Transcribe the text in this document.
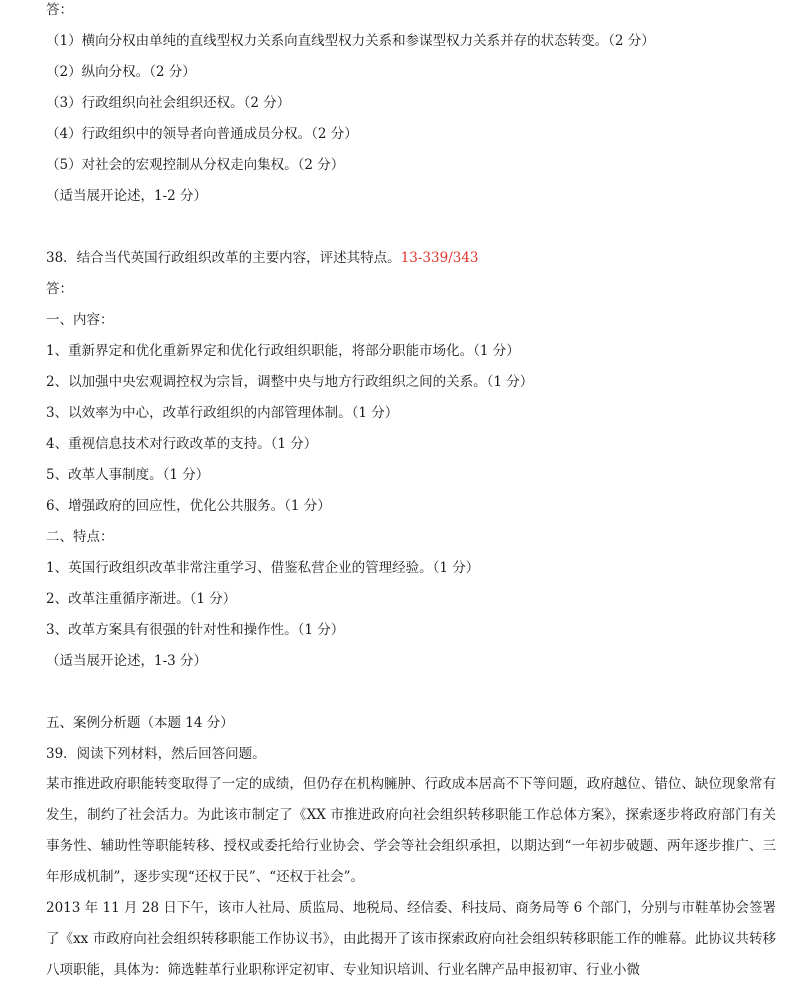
答：
（1）横向分权由单纯的直线型权力关系向直线型权力关系和参谋型权力关系并存的状态转变。（2 分）
（2）纵向分权。（2 分）
（3）行政组织向社会组织还权。（2 分）
（4）行政组织中的领导者向普通成员分权。（2 分）
（5）对社会的宏观控制从分权走向集权。（2 分）
（适当展开论述，1-2 分）
38．结合当代英国行政组织改革的主要内容，评述其特点。13-339/343
答：
一、内容：
1、重新界定和优化重新界定和优化行政组织职能，将部分职能市场化。（1 分）
2、以加强中央宏观调控权为宗旨，调整中央与地方行政组织之间的关系。（1 分）
3、以效率为中心，改革行政组织的内部管理体制。（1 分）
4、重视信息技术对行政改革的支持。（1 分）
5、改革人事制度。（1 分）
6、增强政府的回应性，优化公共服务。（1 分）
二、特点：
1、英国行政组织改革非常注重学习、借鉴私营企业的管理经验。（1 分）
2、改革注重循序渐进。（1 分）
3、改革方案具有很强的针对性和操作性。（1 分）
（适当展开论述，1-3 分）
五、案例分析题（本题 14 分）
39．阅读下列材料，然后回答问题。
某市推进政府职能转变取得了一定的成绩，但仍存在机构臃肿、行政成本居高不下等问题，政府越位、错位、缺位现象常有发生，制约了社会活力。为此该市制定了《XX 市推进政府向社会组织转移职能工作总体方案》，探索逐步将政府部门有关事务性、辅助性等职能转移、授权或委托给行业协会、学会等社会组织承担，以期达到“一年初步破题、两年逐步推广、三年形成机制”，逐步实现“还权于民”、“还权于社会”。
2013 年 11 月 28 日下午，该市人社局、质监局、地税局、经信委、科技局、商务局等 6 个部门，分别与市鞋革协会签署了《xx 市政府向社会组织转移职能工作协议书》，由此揭开了该市探索政府向社会组织转移职能工作的帷幕。此协议共转移八项职能，具体为：筛选鞋革行业职称评定初审、专业知识培训、行业名牌产品申报初审、行业小微
